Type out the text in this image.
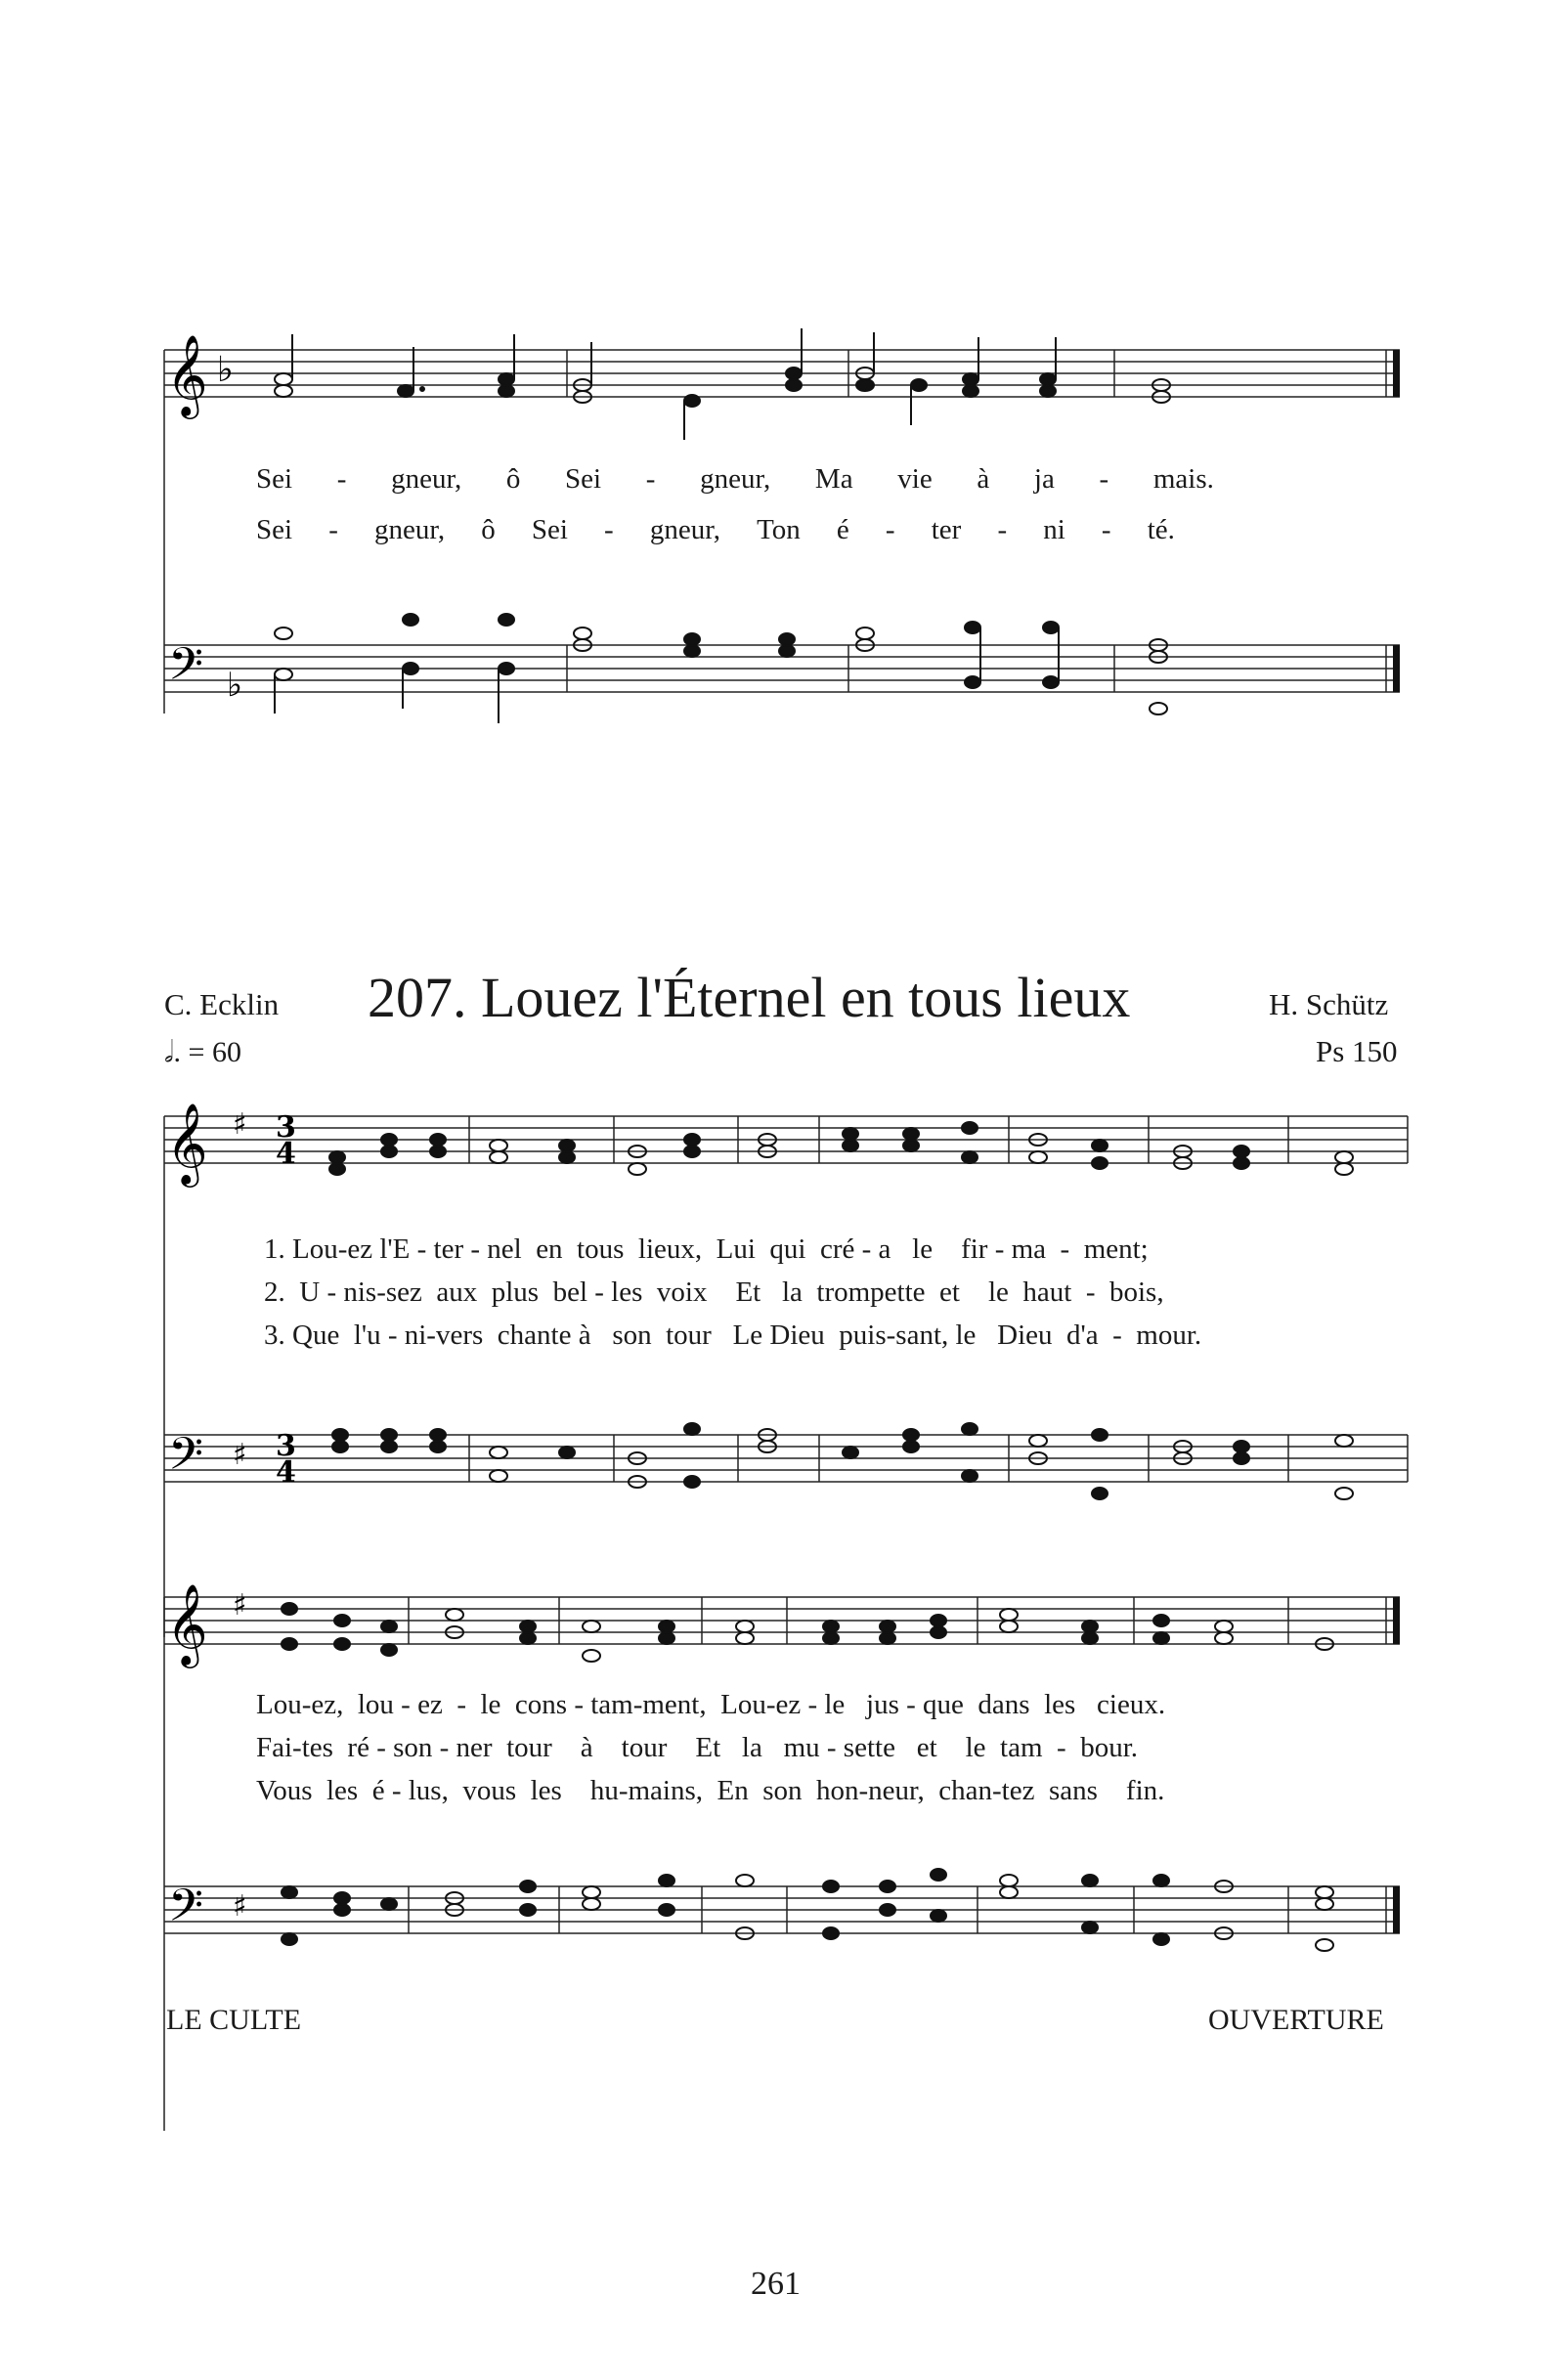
𝄞 ♭
Sei - gneur, ô Sei - gneur, Ma vie à ja - mais.
Sei - gneur, ô Sei - gneur, Ton é - ter - ni - té.
𝄢 ♭
C. Ecklin 207. Louez l'Éternel en tous lieux	H. Schütz
Ps 150
𝅗𝅥. = 60
𝄞 ♯ 3
4
1. Lou-ez l'E - ter - nel  en  tous  lieux,  Lui  qui  cré - a   le    fir - ma  -  ment;
2.  U - nis-sez  aux  plus  bel - les  voix    Et   la  trompette  et    le  haut  -  bois,
3. Que  l'u - ni-vers  chante à   son  tour   Le Dieu  puis-sant, le   Dieu  d'a  -  mour.
𝄢 ♯ 3
4
𝄞 ♯
Lou-ez,  lou - ez  -  le  cons - tam-ment,  Lou-ez - le   jus - que  dans  les   cieux.
Fai-tes  ré - son - ner  tour    à    tour    Et   la   mu - sette   et    le  tam  -  bour.
Vous  les  é - lus,  vous  les    hu-mains,  En  son  hon-neur,  chan-tez  sans    fin.
𝄢 ♯
LE CULTE	OUVERTURE
261
